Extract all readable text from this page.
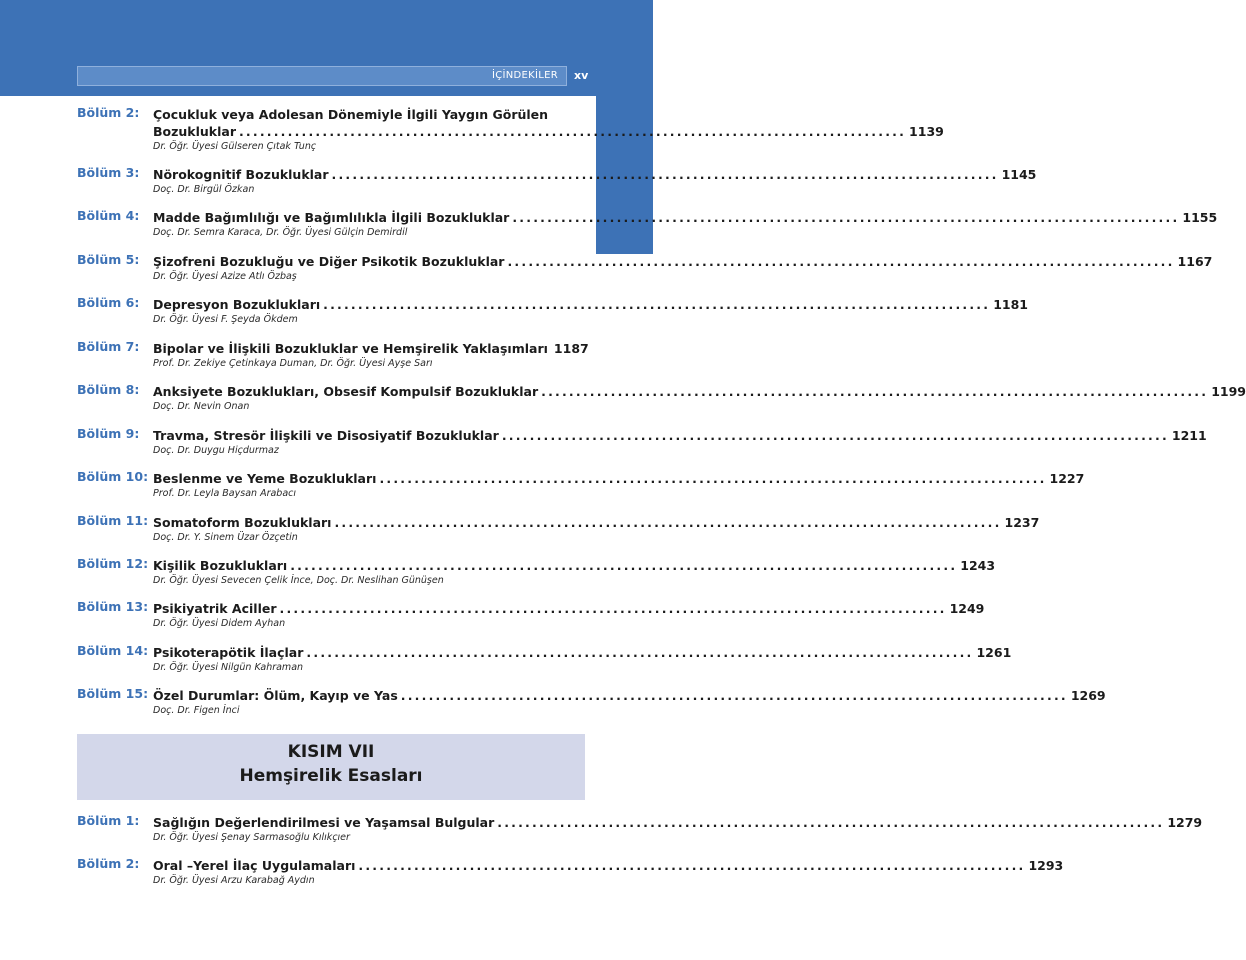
İÇİNDEKİLER xv
Bölüm 2: Çocukluk veya Adolesan Dönemiyle İlgili Yaygın Görülen
Bozukluklar ................................................................................................ 1139
Dr. Öğr. Üyesi Gülseren Çıtak Tunç
Bölüm 3: Nörokognitif Bozukluklar ................................................................................................ 1145
Doç. Dr. Birgül Özkan
Bölüm 4: Madde Bağımlılığı ve Bağımlılıkla İlgili Bozukluklar ................................................................................................ 1155
Doç. Dr. Semra Karaca, Dr. Öğr. Üyesi Gülçin Demirdil
Bölüm 5: Şizofreni Bozukluğu ve Diğer Psikotik Bozukluklar ................................................................................................ 1167
Dr. Öğr. Üyesi Azize Atlı Özbaş
Bölüm 6: Depresyon Bozuklukları ................................................................................................ 1181
Dr. Öğr. Üyesi F. Şeyda Ökdem
Bölüm 7: Bipolar ve İlişkili Bozukluklar ve Hemşirelik Yaklaşımları 1187
Prof. Dr. Zekiye Çetinkaya Duman, Dr. Öğr. Üyesi Ayşe Sarı
Bölüm 8: Anksiyete Bozuklukları, Obsesif Kompulsif Bozukluklar ................................................................................................ 1199
Doç. Dr. Nevin Onan
Bölüm 9: Travma, Stresör İlişkili ve Disosiyatif Bozukluklar ................................................................................................ 1211
Doç. Dr. Duygu Hiçdurmaz
Bölüm 10: Beslenme ve Yeme Bozuklukları ................................................................................................ 1227
Prof. Dr. Leyla Baysan Arabacı
Bölüm 11: Somatoform Bozuklukları ................................................................................................ 1237
Doç. Dr. Y. Sinem Üzar Özçetin
Bölüm 12: Kişilik Bozuklukları ................................................................................................ 1243
Dr. Öğr. Üyesi Sevecen Çelik İnce, Doç. Dr. Neslihan Günüşen
Bölüm 13: Psikiyatrik Aciller ................................................................................................ 1249
Dr. Öğr. Üyesi Didem Ayhan
Bölüm 14: Psikoterapötik İlaçlar ................................................................................................ 1261
Dr. Öğr. Üyesi Nilgün Kahraman
Bölüm 15: Özel Durumlar: Ölüm, Kayıp ve Yas ................................................................................................ 1269
Doç. Dr. Figen İnci
KISIM VII
Hemşirelik Esasları
Bölüm 1: Sağlığın Değerlendirilmesi ve Yaşamsal Bulgular ................................................................................................ 1279
Dr. Öğr. Üyesi Şenay Sarmasoğlu Kılıkçıer
Bölüm 2: Oral –Yerel İlaç Uygulamaları ................................................................................................ 1293
Dr. Öğr. Üyesi Arzu Karabağ Aydın
